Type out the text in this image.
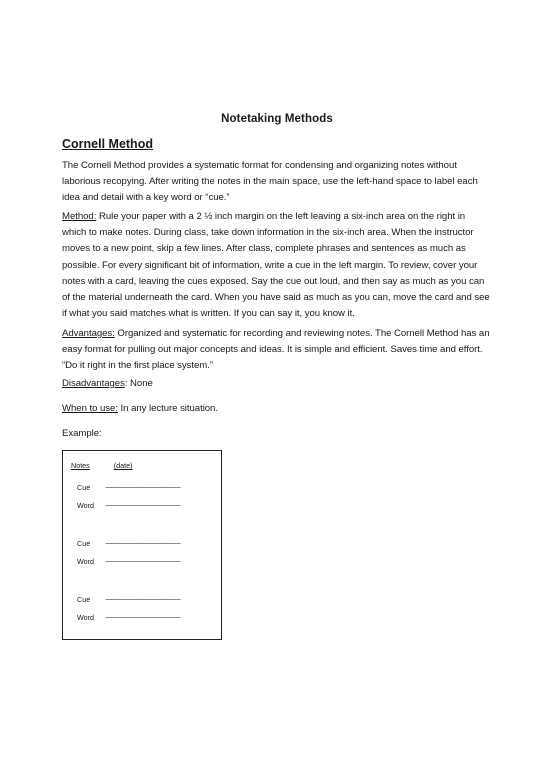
Notetaking Methods
Cornell Method
The Cornell Method provides a systematic format for condensing and organizing notes without laborious recopying. After writing the notes in the main space, use the left-hand space to label each idea and detail with a key word or “cue.”
Method: Rule your paper with a 2 ½ inch margin on the left leaving a six-inch area on the right in which to make notes. During class, take down information in the six-inch area. When the instructor moves to a new point, skip a few lines. After class, complete phrases and sentences as much as possible. For every significant bit of information, write a cue in the left margin. To review, cover your notes with a card, leaving the cues exposed. Say the cue out loud, and then say as much as you can of the material underneath the card. When you have said as much as you can, move the card and see if what you said matches what is written. If you can say it, you know it.
Advantages: Organized and systematic for recording and reviewing notes. The Cornell Method has an easy format for pulling out major concepts and ideas. It is simple and efficient. Saves time and effort. “Do it right in the first place system.”
Disadvantages: None
When to use: In any lecture situation.
Example:
Notes	(date)
Cue ~~~~~~~~~~~~~~~~~~~~~~~~~
Word ~~~~~~~~~~~~~~~~~~~~~~~~~
Cue ~~~~~~~~~~~~~~~~~~~~~~~~~
Word ~~~~~~~~~~~~~~~~~~~~~~~~~
Cue ~~~~~~~~~~~~~~~~~~~~~~~~~
Word ~~~~~~~~~~~~~~~~~~~~~~~~~
